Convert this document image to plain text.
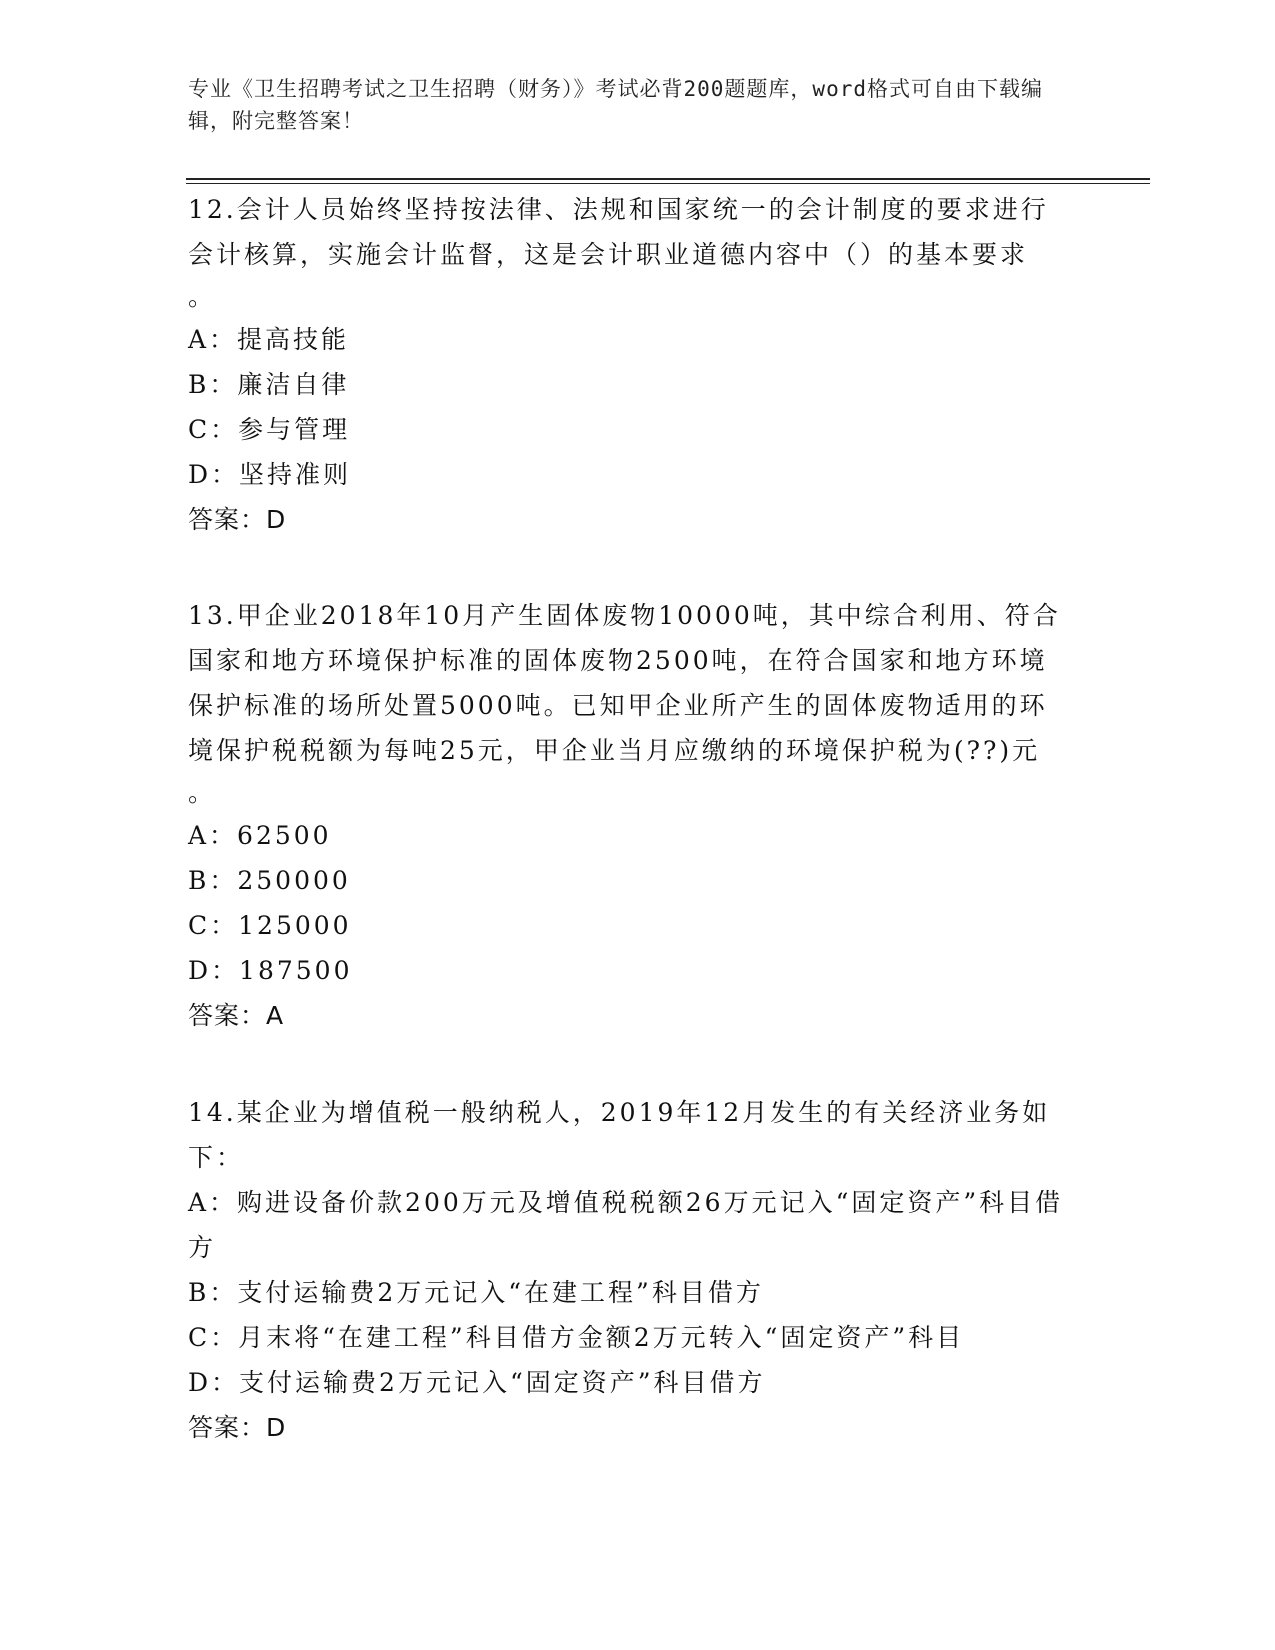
专业《卫生招聘考试之卫生招聘（财务）》考试必背200题题库，word格式可自由下载编辑，附完整答案！

12.会计人员始终坚持按法律、法规和国家统一的会计制度的要求进行会计核算，实施会计监督，这是会计职业道德内容中（）的基本要求

。

A：提高技能

B：廉洁自律

C：参与管理

D：坚持准则

答案：D

13.甲企业2018年10月产生固体废物10000吨，其中综合利用、符合国家和地方环境保护标准的固体废物2500吨，在符合国家和地方环境保护标准的场所处置5000吨。已知甲企业所产生的固体废物适用的环境保护税税额为每吨25元，甲企业当月应缴纳的环境保护税为(??)元

。

A：62500

B：250000

C：125000

D：187500

答案：A

14.某企业为增值税一般纳税人，2019年12月发生的有关经济业务如下：

A：购进设备价款200万元及增值税税额26万元记入“固定资产”科目借方

B：支付运输费2万元记入“在建工程”科目借方

C：月末将“在建工程”科目借方金额2万元转入“固定资产”科目

D：支付运输费2万元记入“固定资产”科目借方

答案：D
